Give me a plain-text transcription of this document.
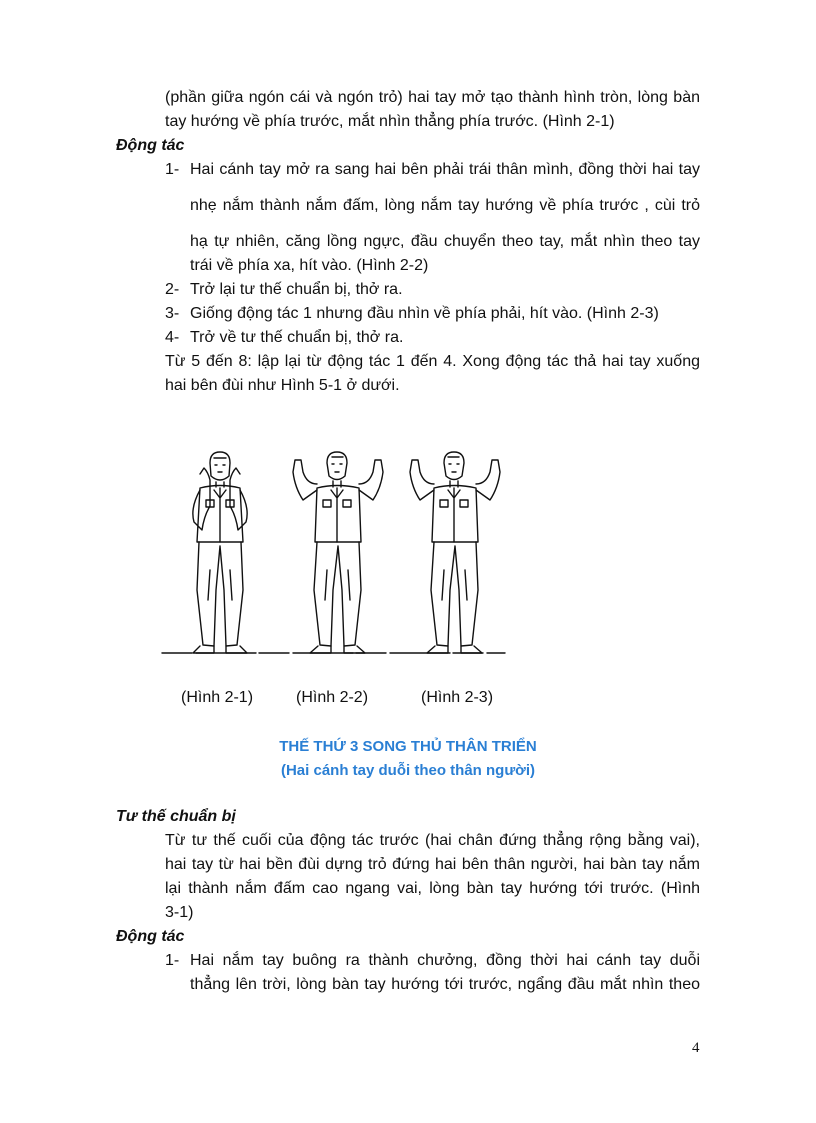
(phần giữa ngón cái và ngón trỏ) hai tay mở tạo thành hình tròn, lòng bàn
tay hướng về phía trước, mắt nhìn thẳng phía trước. (Hình 2-1)
Động tác
1- Hai cánh tay mở ra sang hai bên phải trái thân mình, đồng thời hai tay
nhẹ nắm thành nắm đấm, lòng nắm tay hướng về phía trước , cùi trỏ
hạ tự nhiên, căng lồng ngực, đầu chuyển theo tay, mắt nhìn theo tay
trái về phía xa, hít vào. (Hình 2-2)
2- Trở lại tư thế chuẩn bị, thở ra.
3- Giống động tác 1 nhưng đầu nhìn về phía phải, hít vào. (Hình 2-3)
4- Trở về tư thế chuẩn bị, thở ra.
Từ 5 đến 8: lập lại từ động tác 1 đến 4. Xong động tác thả hai tay xuống
hai bên đùi như Hình 5-1 ở dưới.
(Hình 2-1)	(Hình 2-2)	(Hình 2-3)
THẾ THỨ 3 SONG THỦ THÂN TRIỂN
(Hai cánh tay duỗi theo thân người)
Tư thế chuẩn bị
Từ tư thế cuối của động tác trước (hai chân đứng thẳng rộng bằng vai),
hai tay từ hai bền đùi dựng trỏ đứng hai bên thân người, hai bàn tay nắm
lại thành nắm đấm cao ngang vai, lòng bàn tay hướng tới trước. (Hình
3-1)
Động tác
1- Hai nắm tay buông ra thành chưởng, đồng thời hai cánh tay duỗi
thẳng lên trời, lòng bàn tay hướng tới trước, ngẩng đầu mắt nhìn theo
4
